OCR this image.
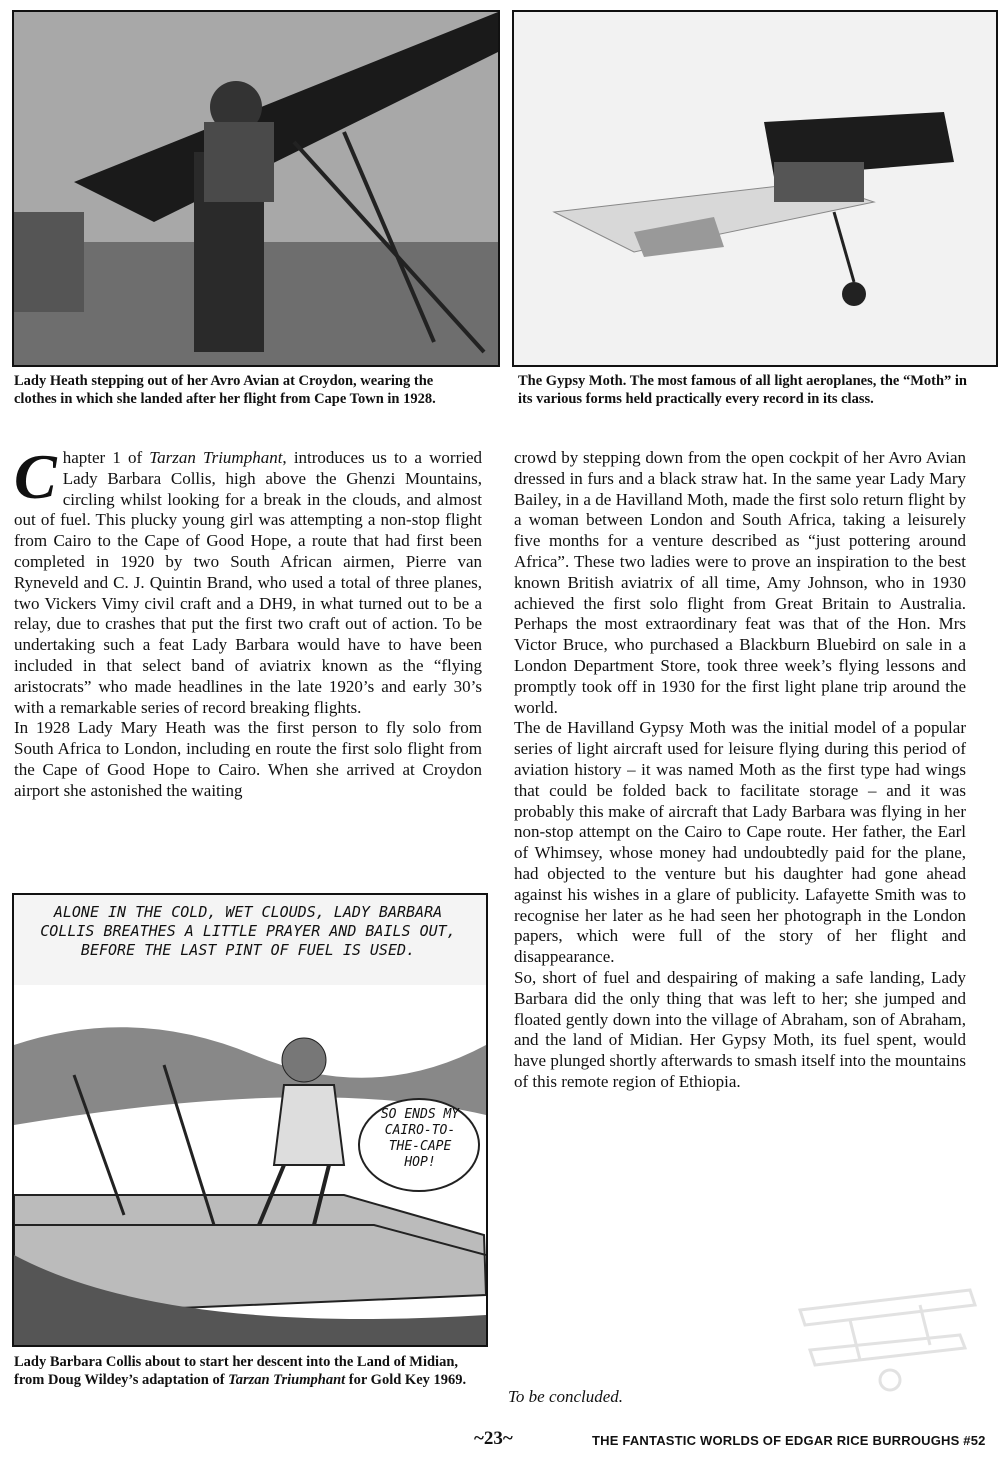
Lady Heath stepping out of her Avro Avian at Croydon, wearing the clothes in which she landed after her flight from Cape Town in 1928.
The Gypsy Moth. The most famous of all light aeroplanes, the “Moth” in its various forms held practically every record in its class.

Chapter 1 of Tarzan Triumphant, introduces us to a worried Lady Barbara Collis, high above the Ghenzi Mountains, circling whilst looking for a break in the clouds, and almost out of fuel. This plucky young girl was attempting a non-stop flight from Cairo to the Cape of Good Hope, a route that had first been completed in 1920 by two South African airmen, Pierre van Ryneveld and C. J. Quintin Brand, who used a total of three planes, two Vickers Vimy civil craft and a DH9, in what turned out to be a relay, due to crashes that put the first two craft out of action. To be undertaking such a feat Lady Barbara would have to have been included in that select band of aviatrix known as the “flying aristocrats” who made headlines in the late 1920’s and early 30’s with a remarkable series of record breaking flights.

In 1928 Lady Mary Heath was the first person to fly solo from South Africa to London, including en route the first solo flight from the Cape of Good Hope to Cairo. When she arrived at Croydon airport she astonished the waiting

crowd by stepping down from the open cockpit of her Avro Avian dressed in furs and a black straw hat. In the same year Lady Mary Bailey, in a de Havilland Moth, made the first solo return flight by a woman between London and South Africa, taking a leisurely five months for a venture described as “just pottering around Africa”. These two ladies were to prove an inspiration to the best known British aviatrix of all time, Amy Johnson, who in 1930 achieved the first solo flight from Great Britain to Australia. Perhaps the most extraordinary feat was that of the Hon. Mrs Victor Bruce, who purchased a Blackburn Bluebird on sale in a London Department Store, took three week’s flying lessons and promptly took off in 1930 for the first light plane trip around the world.

The de Havilland Gypsy Moth was the initial model of a popular series of light aircraft used for leisure flying during this period of aviation history – it was named Moth as the first type had wings that could be folded back to facilitate storage – and it was probably this make of aircraft that Lady Barbara was flying in her non-stop attempt on the Cairo to Cape route. Her father, the Earl of Whimsey, whose money had undoubtedly paid for the plane, had objected to the venture but his daughter had gone ahead against his wishes in a glare of publicity. Lafayette Smith was to recognise her later as he had seen her photograph in the London papers, which were full of the story of her flight and disappearance.

So, short of fuel and despairing of making a safe landing, Lady Barbara did the only thing that was left to her; she jumped and floated gently down into the village of Abraham, son of Abraham, and the land of Midian. Her Gypsy Moth, its fuel spent, would have plunged shortly afterwards to smash itself into the mountains of this remote region of Ethiopia.

ALONE IN THE COLD, WET CLOUDS, LADY BARBARA COLLIS BREATHES A LITTLE PRAYER AND BAILS OUT, BEFORE THE LAST PINT OF FUEL IS USED.
SO ENDS MY CAIRO-TO-THE-CAPE HOP!
Lady Barbara Collis about to start her descent into the Land of Midian, from Doug Wildey’s adaptation of Tarzan Triumphant for Gold Key 1969.
To be concluded.
~23~	THE FANTASTIC WORLDS OF EDGAR RICE BURROUGHS #52
